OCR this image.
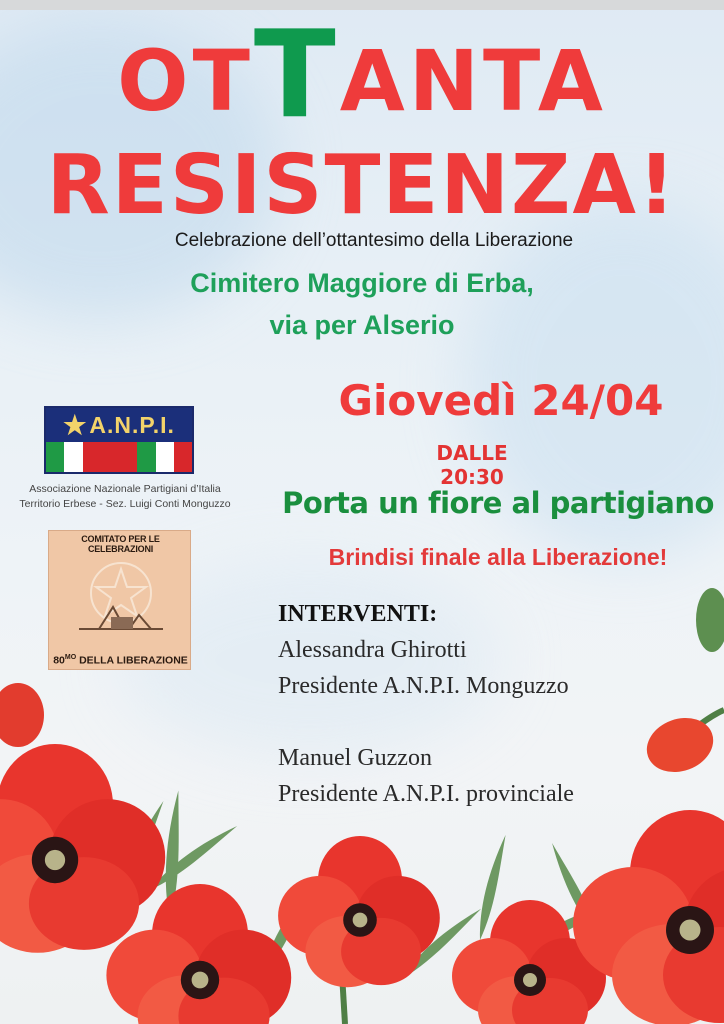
OTTANTA
RESISTENZA!
Celebrazione dell’ottantesimo della Liberazione
Cimitero Maggiore di Erba,
via per Alserio
Giovedì 24/04
DALLE 20:30
Porta un fiore al partigiano
Brindisi finale alla Liberazione!
INTERVENTI:
Alessandra Ghirotti
Presidente A.N.P.I. Monguzzo
Manuel Guzzon
Presidente A.N.P.I. provinciale
★ A.N.P.I.
Associazione Nazionale Partigiani d’Italia
Territorio Erbese - Sez. Luigi Conti Monguzzo
COMITATO PER LE CELEBRAZIONI
$80^{MO}$ DELLA LIBERAZIONE
